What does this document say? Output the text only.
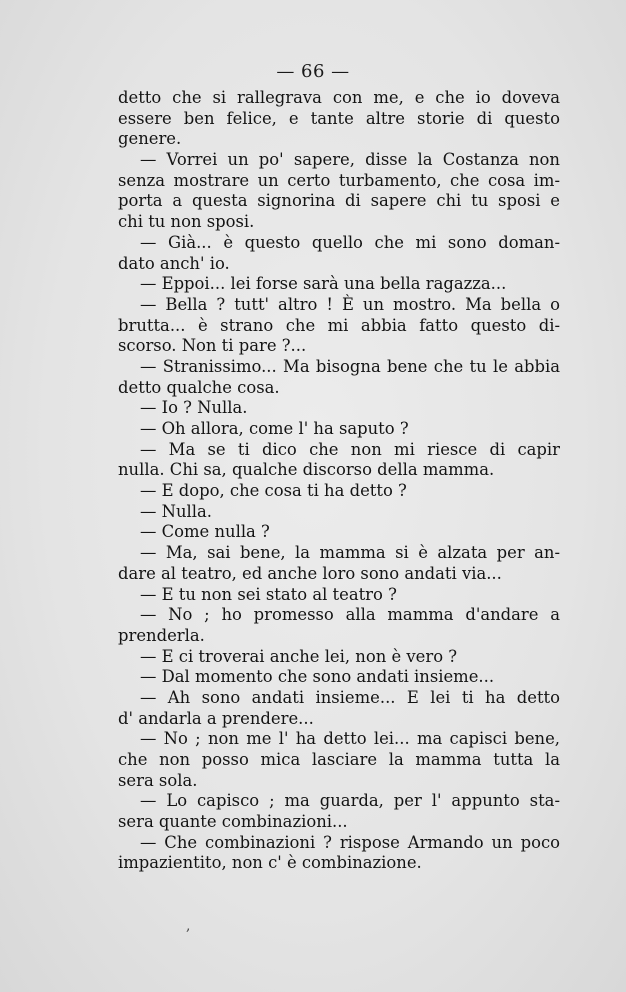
— 66 —
detto che si rallegrava con me, e che io doveva
essere ben felice, e tante altre storie di questo
genere.
— Vorrei un po' sapere, disse la Costanza non
senza mostrare un certo turbamento, che cosa im-
porta a questa signorina di sapere chi tu sposi e
chi tu non sposi.
— Già... è questo quello che mi sono doman-
dato anch' io.
— Eppoi... lei forse sarà una bella ragazza...
— Bella ? tutt' altro ! È un mostro. Ma bella o
brutta... è strano che mi abbia fatto questo di-
scorso. Non ti pare ?...
— Stranissimo... Ma bisogna bene che tu le abbia
detto qualche cosa.
— Io ? Nulla.
— Oh allora, come l' ha saputo ?
— Ma se ti dico che non mi riesce di capir
nulla. Chi sa, qualche discorso della mamma.
— E dopo, che cosa ti ha detto ?
— Nulla.
— Come nulla ?
— Ma, sai bene, la mamma si è alzata per an-
dare al teatro, ed anche loro sono andati via...
— E tu non sei stato al teatro ?
— No ; ho promesso alla mamma d'andare a
prenderla.
— E ci troverai anche lei, non è vero ?
— Dal momento che sono andati insieme...
— Ah sono andati insieme... E lei ti ha detto
d' andarla a prendere...
— No ; non me l' ha detto lei... ma capisci bene,
che non posso mica lasciare la mamma tutta la
sera sola.
— Lo capisco ; ma guarda, per l' appunto sta-
sera quante combinazioni...
— Che combinazioni ? rispose Armando un poco
impazientito, non c' è combinazione.
,
